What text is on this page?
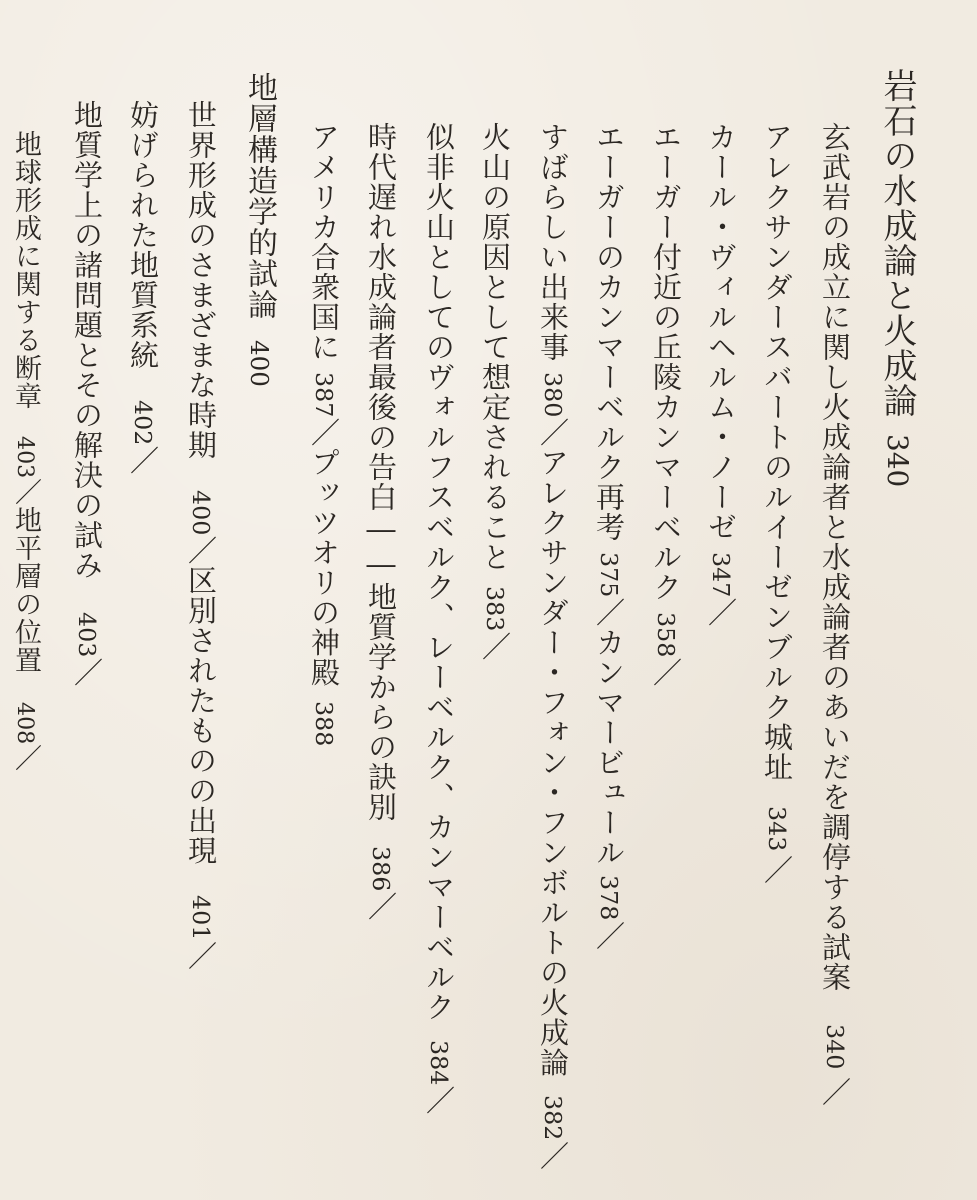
岩石の水成論と火成論340
玄武岩の成立に関し火成論者と水成論者のあいだを調停する試案340／
アレクサンダースバートのルイーゼンブルク城址343／
カール・ヴィルヘルム・ノーゼ347／
エーガー付近の丘陵カンマーベルク358／
エーガーのカンマーベルク再考375／カンマービュール378／
すばらしい出来事380／アレクサンダー・フォン・フンボルトの火成論382／
火山の原因として想定されること383／
似非火山としてのヴォルフスベルク、レーベルク、カンマーベルク384／
時代遅れ水成論者最後の告白――地質学からの訣別386／
アメリカ合衆国に387／プッツオリの神殿388
地層構造学的試論400
世界形成のさまざまな時期400／区別されたものの出現401／
妨げられた地質系統402／
地質学上の諸問題とその解決の試み403／
地球形成に関する断章403／地平層の位置408／
